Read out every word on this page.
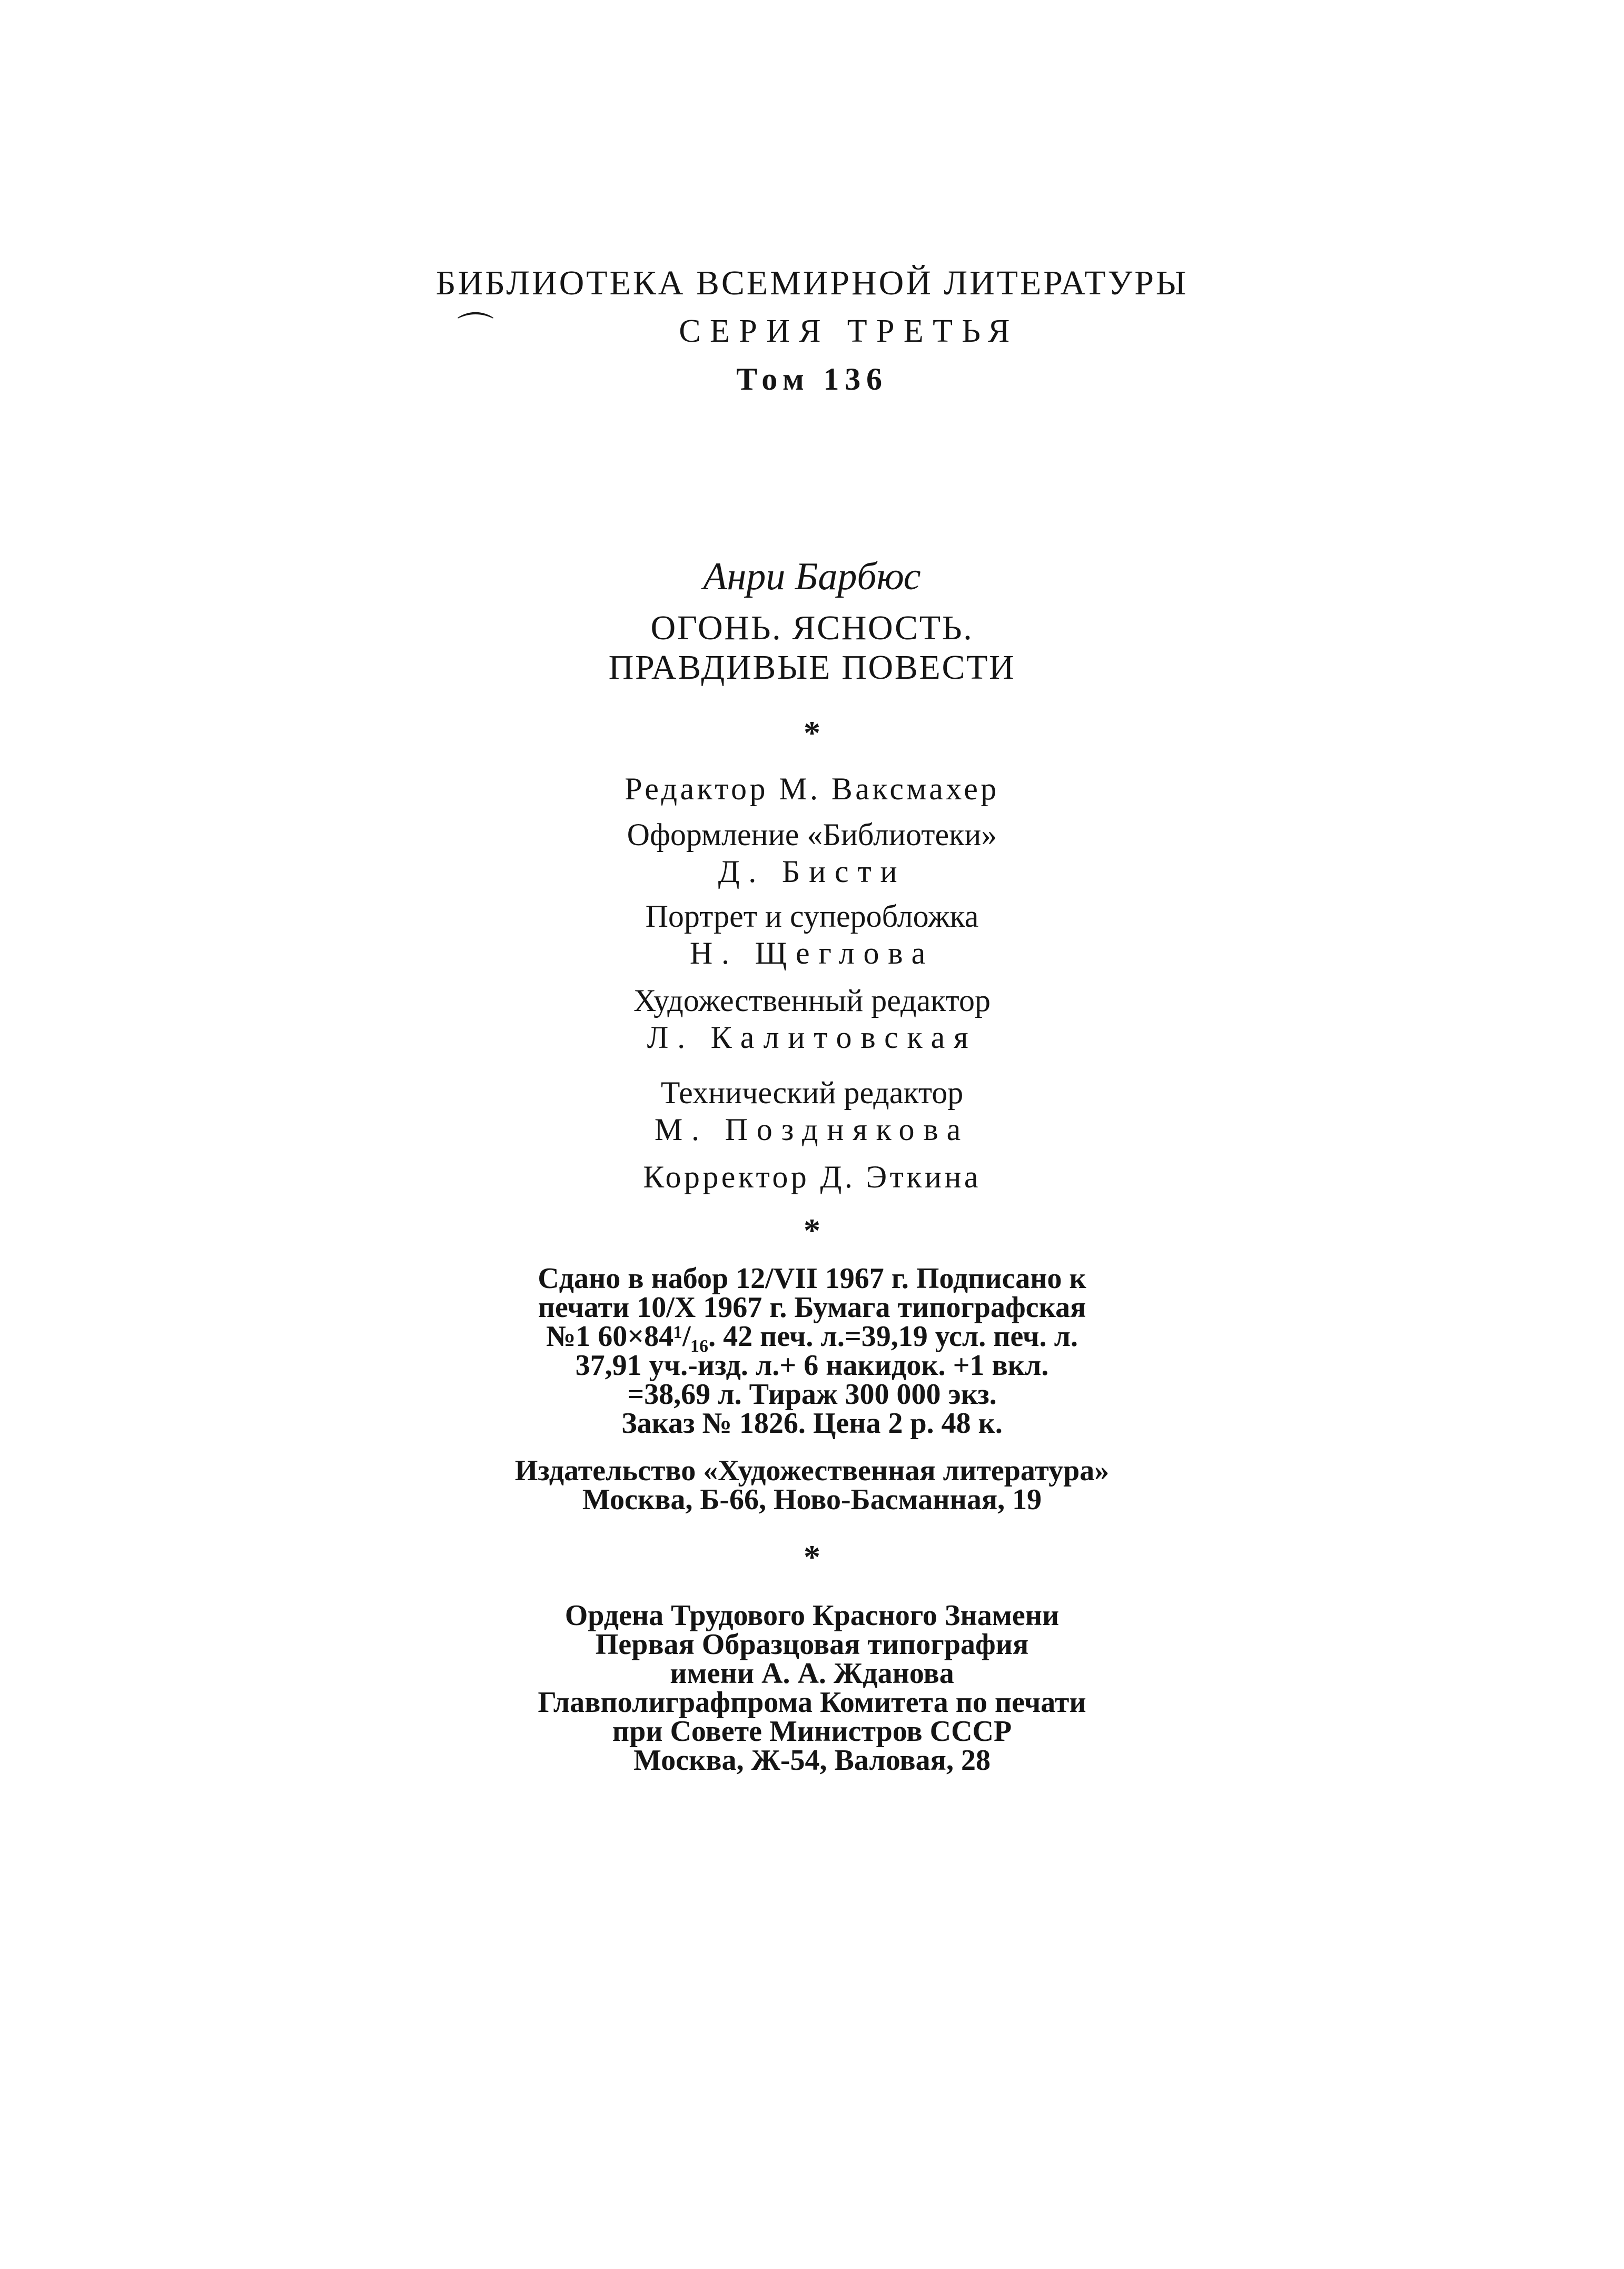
БИБЛИОТЕКА ВСЕМИРНОЙ ЛИТЕРАТУРЫ
⌒	СЕРИЯ ТРЕТЬЯ
Том 136
Анри Барбюс
ОГОНЬ. ЯСНОСТЬ.
ПРАВДИВЫЕ ПОВЕСТИ
*
Редактор М. Ваксмахер
Оформление «Библиотеки»
Д. Бисти
Портрет и суперобложка
Н. Щеглова
Художественный редактор
Л. Калитовская
Технический редактор
М. Позднякова
Корректор Д. Эткина
*
Сдано в набор 12/VII 1967 г. Подписано к
печати 10/X 1967 г. Бумага типографская
№1 60×84¹/₁₆. 42 печ. л.=39,19 усл. печ. л.
37,91 уч.-изд. л.+ 6 накидок. +1 вкл.
=38,69 л. Тираж 300 000 экз.
Заказ № 1826. Цена 2 р. 48 к.
Издательство «Художественная литература»
Москва, Б-66, Ново-Басманная, 19
*
Ордена Трудового Красного Знамени
Первая Образцовая типография
имени А. А. Жданова
Главполиграфпрома Комитета по печати
при Совете Министров СССР
Москва, Ж-54, Валовая, 28
